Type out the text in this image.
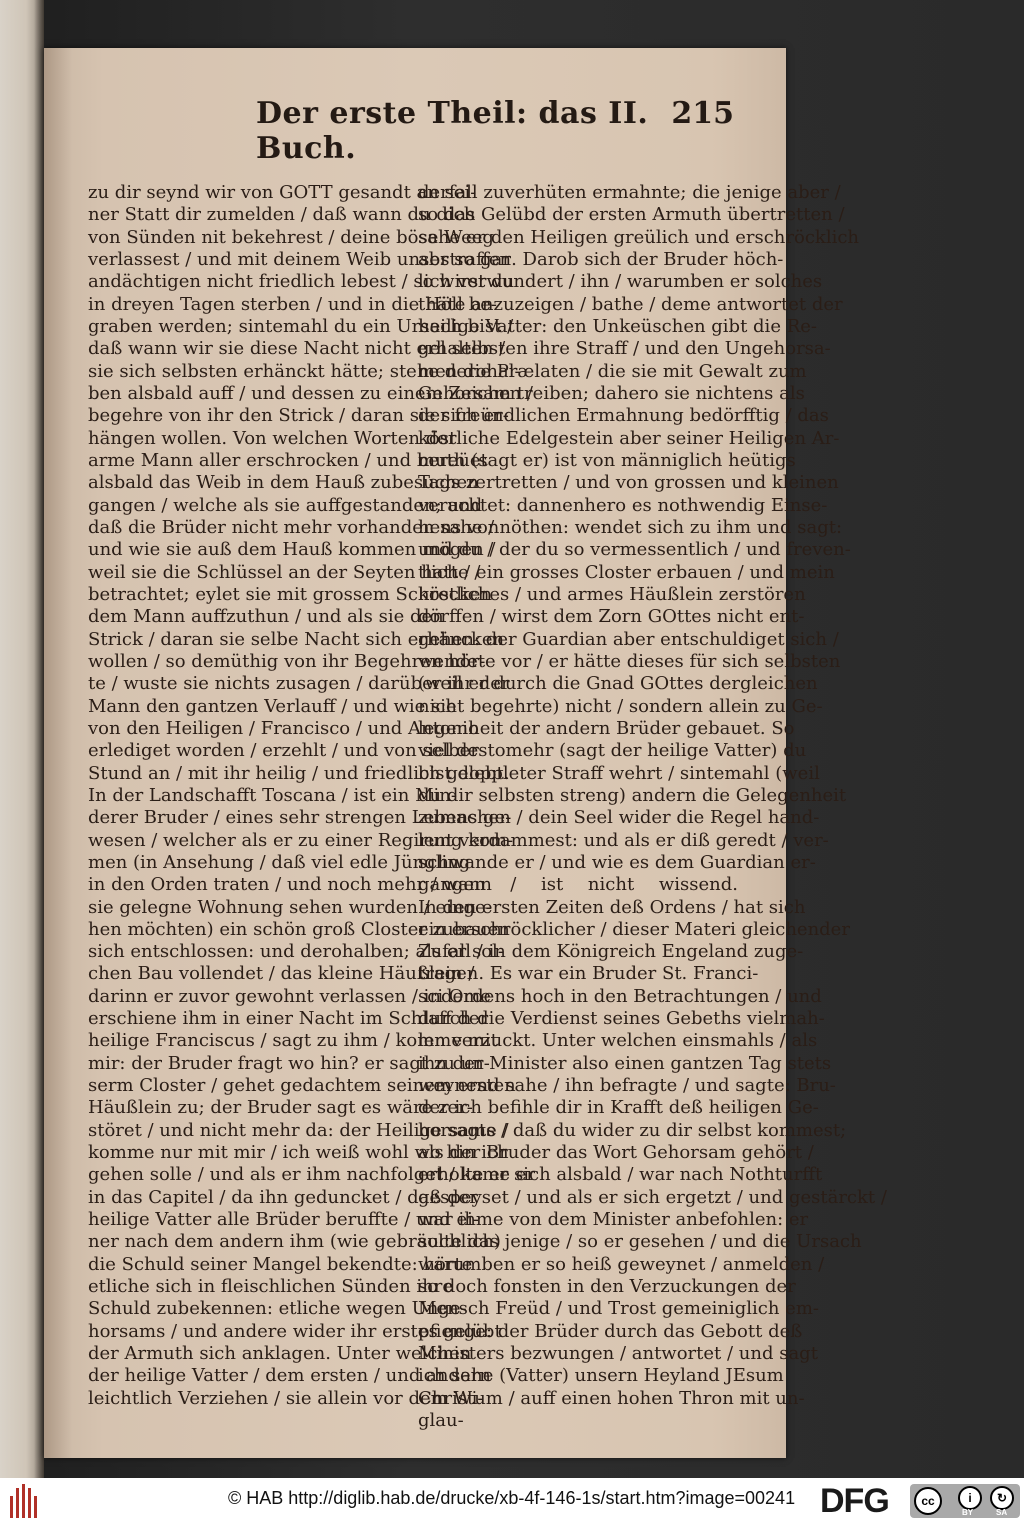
Der erste Theil: das II. Buch.
215
zu dir seynd wir von GOTT gesandt an sei-
ner Statt dir zumelden / daß wann du dich
von Sünden nit bekehrest / deine böse Weeg
verlassest / und mit deinem Weib unser so gar
andächtigen nicht friedlich lebest / so wirst du
in dreyen Tagen sterben / und in die Höll be-
graben werden; sintemahl du ein Ursach bist /
daß wann wir sie diese Nacht nicht erhalten /
sie sich selbsten erhänckt hätte; stehe derohal-
ben alsbald auff / und dessen zu einem Zeichen /
begehre von ihr den Strick / daran sie sich er-
hängen wollen. Von welchen Worten der
arme Mann aller erschrocken / und bereüet
alsbald das Weib in dem Hauß zubesuchen
gangen / welche als sie auffgestanden; und
daß die Brüder nicht mehr vorhanden sahe /
und wie sie auß dem Hauß kommen mögen /
weil sie die Schlüssel an der Seyten hatte /
betrachtet; eylet sie mit grossem Schrecken
dem Mann auffzuthun / und als sie den
Strick / daran sie selbe Nacht sich erhäncken
wollen / so demüthig von ihr Begehren hör-
te / wuste sie nichts zusagen / darüber ihr der
Mann den gantzen Verlauff / und wie sie
von den Heiligen / Francisco / und Antonio
erlediget worden / erzehlt / und von selber
Stund an / mit ihr heilig / und friedlich gelebt.
In der Landschafft Toscana / ist ein Min-
derer Bruder / eines sehr strengen Lebens ge-
wesen / welcher als er zu einer Regirung kom-
men (in Ansehung / daß viel edle Jüngling
in den Orden traten / und noch mehr / wann
sie gelegne Wohnung sehen wurden / einge-
hen möchten) ein schön groß Closter zubauen
sich entschlossen: und derohalben; als er sol-
chen Bau vollendet / das kleine Häußlein /
darinn er zuvor gewohnt verlassen / indeme
erschiene ihm in einer Nacht im Schlaff der
heilige Franciscus / sagt zu ihm / komme mit
mir: der Bruder fragt wo hin? er sagt zu un-
serm Closter / gehet gedachtem seinem ersten
Häußlein zu; der Bruder sagt es wäre zer-
störet / und nicht mehr da: der Heilige sagte /
komme nur mit mir / ich weiß wohl wo hin ich
gehen solle / und als er ihm nachfolget / kame er
in das Capitel / da ihn geduncket / daß der
heilige Vatter alle Brüder beruffte / und ei-
ner nach dem andern ihm (wie gebräuchlich)
die Schuld seiner Mangel bekendte: hörte
etliche sich in fleischlichen Sünden ihre
Schuld zubekennen: etliche wegen Unge-
horsams / und andere wider ihr erstes gelübt
der Armuth sich anklagen. Unter welchen
der heilige Vatter / dem ersten / und andern
leichtlich Verziehen / sie allein vor dem Wi-
derfall zuverhüten ermahnte; die jenige aber /
so das Gelübd der ersten Armuth übertretten /
sahe er den Heiligen greülich und erschröcklich
abstraffen. Darob sich der Bruder höch-
lich verwundert / ihn / warumben er solches
thäte anzuzeigen / bathe / deme antwortet der
heilige Vatter: den Unkeüschen gibt die Re-
gel selbsten ihre Straff / und den Ungehorsa-
men die Prælaten / die sie mit Gewalt zum
Gehorsam treiben; dahero sie nichtens als
der freündlichen Ermahnung bedörfftig / das
köstliche Edelgestein aber seiner Heiligen Ar-
muth (sagt er) ist von männiglich heütigs
Tags zertretten / und von grossen und kleinen
verachtet: dannenhero es nothwendig Einse-
hens vonnöthen: wendet sich zu ihm und sagt:
und du / der du so vermessentlich / und freven-
tlich / ein grosses Closter erbauen / und mein
köstliches / und armes Häußlein zerstören
dörffen / wirst dem Zorn GOttes nicht ent-
gehen: der Guardian aber entschuldiget sich /
wendete vor / er hätte dieses für sich selbsten
(weil er durch die Gnad GOttes dergleichen
nicht begehrte) nicht / sondern allein zu Ge-
legenheit der andern Brüder gebauet. So
viel destomehr (sagt der heilige Vatter) du
bist doppleter Straff wehrt / sintemahl (weil
du dir selbsten streng) andern die Gelegenheit
zumachen / dein Seel wider die Regel hand-
lent verdammest: und als er diß geredt / ver-
schwande er / und wie es dem Guardian er-
gangen / ist nicht wissend.
In den ersten Zeiten deß Ordens / hat sich
ein erschröcklicher / dieser Materi gleichender
Zufall / in dem Königreich Engeland zuge-
tragen. Es war ein Bruder St. Franci-
sci Ordens hoch in den Betrachtungen / und
durch die Verdienst seines Gebeths vielmah-
len verzuckt. Unter welchen einsmahls / als
ihn der Minister also einen gantzen Tag stets
weynend sahe / ihn befragte / und sagte: Bru-
der ich befihle dir in Krafft deß heiligen Ge-
horsams / daß du wider zu dir selbst kommest;
als der Bruder das Wort Gehorsam gehört /
erholte er sich alsbald / war nach Nothturfft
gespeyset / und als er sich ergetzt / und gestärckt /
war ihme von dem Minister anbefohlen: er
solte das jenige / so er gesehen / und die Ursach
warumben er so heiß geweynet / anmelden /
so doch fonsten in den Verzuckungen der
Mensch Freüd / und Trost gemeiniglich em-
pfienge: der Brüder durch das Gebott deß
Ministers bezwungen / antwortet / und sagt
ich sahe (Vatter) unsern Heyland JEsum
Christum / auff einen hohen Thron mit un-
glau-
© HAB http://diglib.hab.de/drucke/xb-4f-146-1s/start.htm?image=00241 DFG	cc	i	↻
BY	SA
